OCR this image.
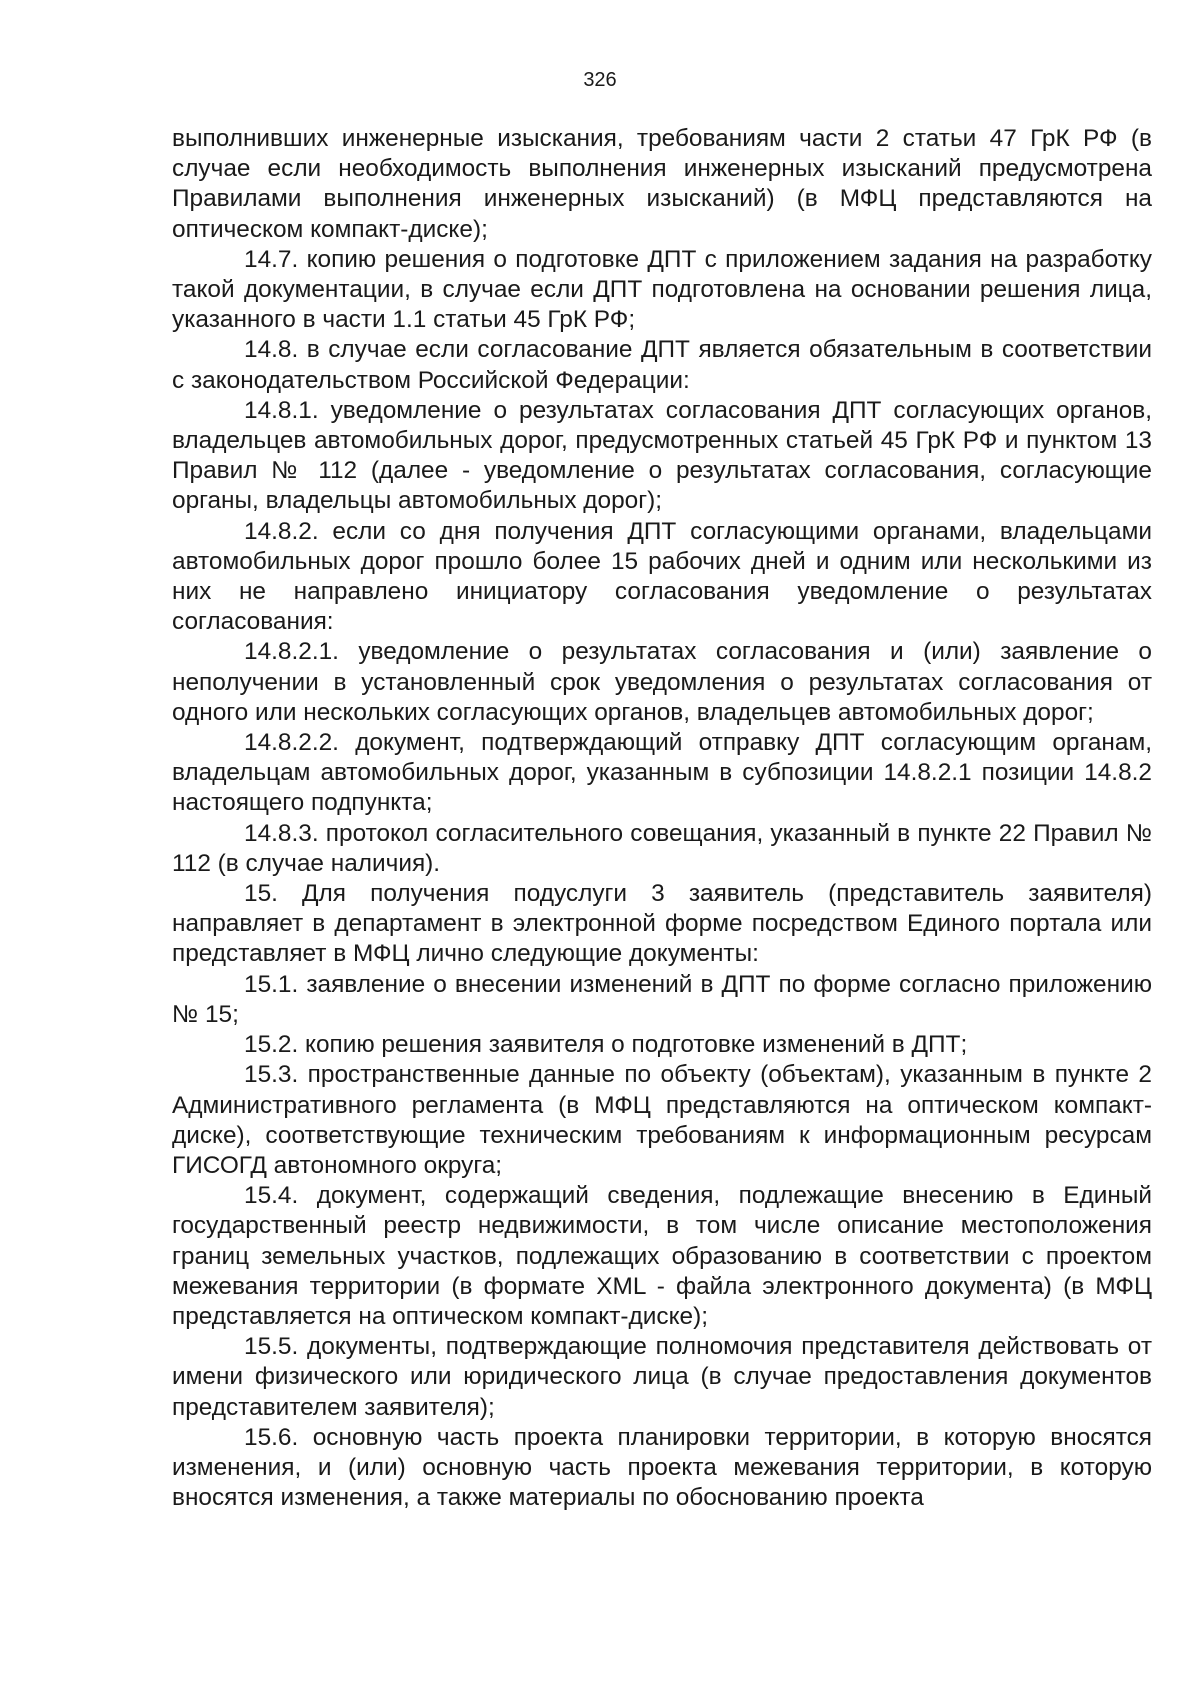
326

выполнивших инженерные изыскания, требованиям части 2 статьи 47 ГрК РФ (в случае если необходимость выполнения инженерных изысканий предусмотрена Правилами выполнения инженерных изысканий) (в МФЦ представляются на оптическом компакт-диске);

14.7. копию решения о подготовке ДПТ с приложением задания на разработку такой документации, в случае если ДПТ подготовлена на основании решения лица, указанного в части 1.1 статьи 45 ГрК РФ;

14.8. в случае если согласование ДПТ является обязательным в соответствии с законодательством Российской Федерации:

14.8.1. уведомление о результатах согласования ДПТ согласующих органов, владельцев автомобильных дорог, предусмотренных статьей 45 ГрК РФ и пунктом 13 Правил № 112 (далее - уведомление о результатах согласования, согласующие органы, владельцы автомобильных дорог);

14.8.2. если со дня получения ДПТ согласующими органами, владельцами автомобильных дорог прошло более 15 рабочих дней и одним или несколькими из них не направлено инициатору согласования уведомление о результатах согласования:

14.8.2.1. уведомление о результатах согласования и (или) заявление о неполучении в установленный срок уведомления о результатах согласования от одного или нескольких согласующих органов, владельцев автомобильных дорог;

14.8.2.2. документ, подтверждающий отправку ДПТ согласующим органам, владельцам автомобильных дорог, указанным в субпозиции 14.8.2.1 позиции 14.8.2 настоящего подпункта;

14.8.3. протокол согласительного совещания, указанный в пункте 22 Правил № 112 (в случае наличия).

15. Для получения подуслуги 3 заявитель (представитель заявителя) направляет в департамент в электронной форме посредством Единого портала или представляет в МФЦ лично следующие документы:

15.1. заявление о внесении изменений в ДПТ по форме согласно приложению № 15;

15.2. копию решения заявителя о подготовке изменений в ДПТ;

15.3. пространственные данные по объекту (объектам), указанным в пункте 2 Административного регламента (в МФЦ представляются на оптическом компакт-диске), соответствующие техническим требованиям к информационным ресурсам ГИСОГД автономного округа;

15.4. документ, содержащий сведения, подлежащие внесению в Единый государственный реестр недвижимости, в том числе описание местоположения границ земельных участков, подлежащих образованию в соответствии с проектом межевания территории (в формате XML - файла электронного документа) (в МФЦ представляется на оптическом компакт-диске);

15.5. документы, подтверждающие полномочия представителя действовать от имени физического или юридического лица (в случае предоставления документов представителем заявителя);

15.6. основную часть проекта планировки территории, в которую вносятся изменения, и (или) основную часть проекта межевания территории, в которую вносятся изменения, а также материалы по обоснованию проекта
